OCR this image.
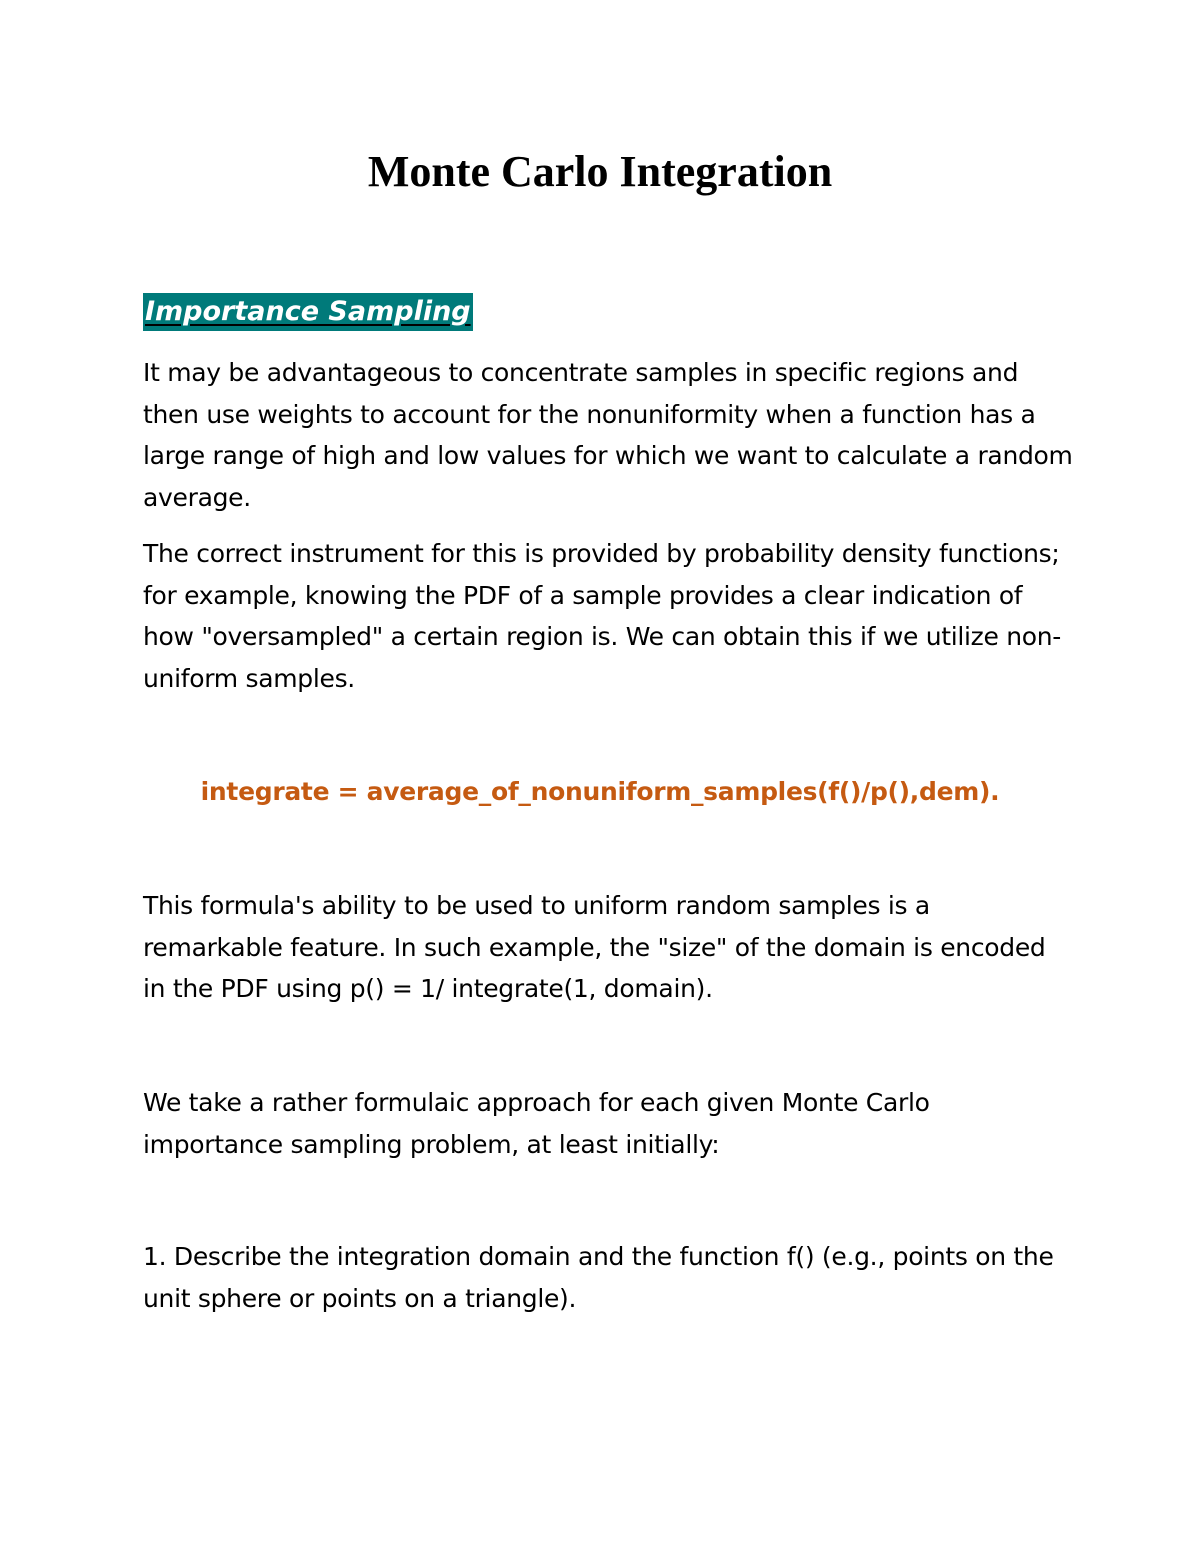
Monte Carlo Integration
Importance Sampling

It may be advantageous to concentrate samples in specific regions and then use weights to account for the nonuniformity when a function has a large range of high and low values for which we want to calculate a random average.

The correct instrument for this is provided by probability density functions; for example, knowing the PDF of a sample provides a clear indication of how "oversampled" a certain region is. We can obtain this if we utilize non-uniform samples.

integrate = average_of_nonuniform_samples(f()/p(),dem).

This formula's ability to be used to uniform random samples is a remarkable feature. In such example, the "size" of the domain is encoded in the PDF using p() = 1/ integrate(1, domain).

We take a rather formulaic approach for each given Monte Carlo importance sampling problem, at least initially:

1. Describe the integration domain and the function f() (e.g., points on the unit sphere or points on a triangle).
